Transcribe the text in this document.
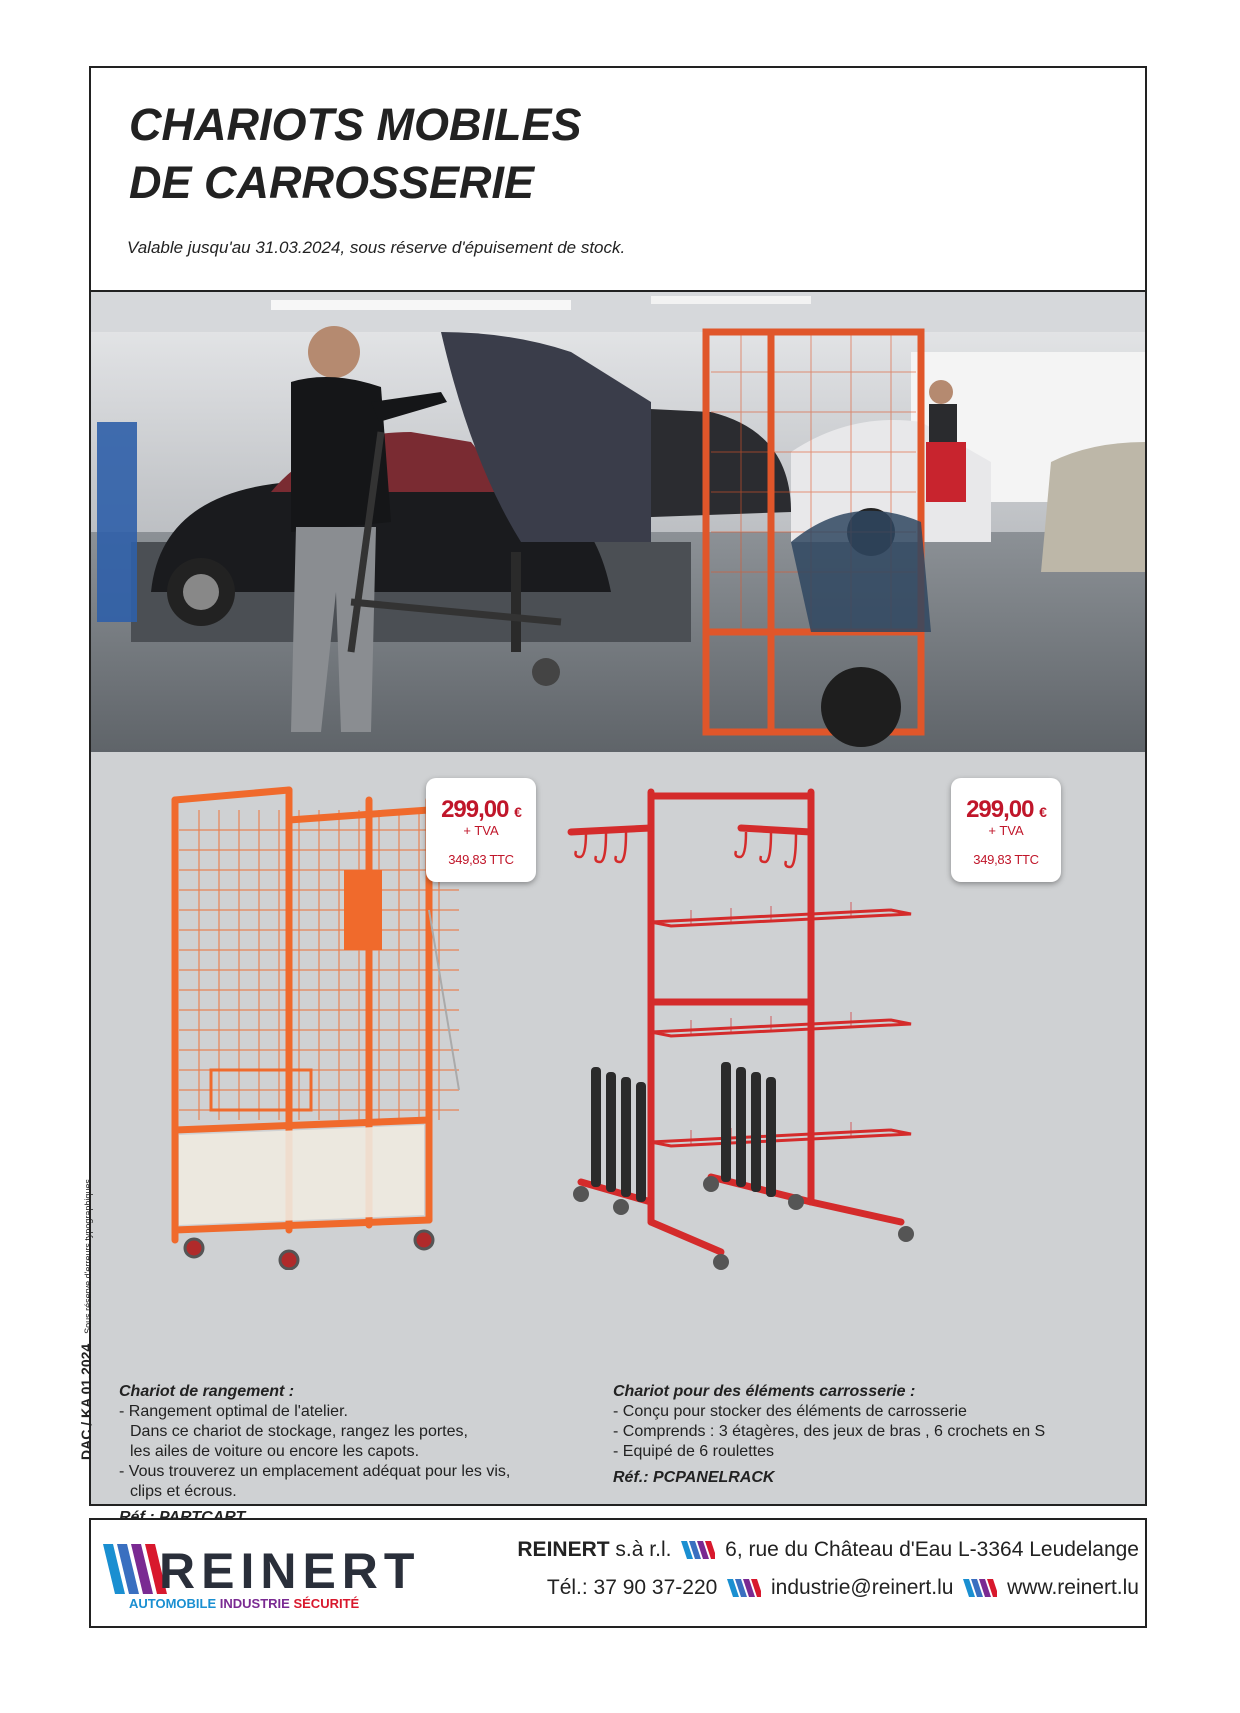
CHARIOTS MOBILES
DE CARROSSERIE
Valable jusqu'au 31.03.2024, sous réserve d'épuisement de stock.
299,00 €
+ TVA
349,83 TTC
299,00 €
+ TVA
349,83 TTC
Chariot de rangement :
- Rangement optimal de l'atelier.
Dans ce chariot de stockage, rangez les portes,
les ailes de voiture ou encore les capots.
- Vous trouverez un emplacement adéquat pour les vis,
clips et écrous.
Chariot pour des éléments carrosserie :
- Conçu pour stocker des éléments de carrosserie
- Comprends : 3 étagères, des jeux de bras , 6 crochets en S
- Equipé de 6 roulettes
Réf.: PCPANELRACK
DAC / KA 01.2024 Sous réserve d'erreurs typographiques
REINERT
AUTOMOBILE INDUSTRIE SÉCURITÉ
REINERT s.à r.l.	6, rue du Château d'Eau L-3364 Leudelange
Tél.: 37 90 37-220	industrie@reinert.lu	www.reinert.lu
